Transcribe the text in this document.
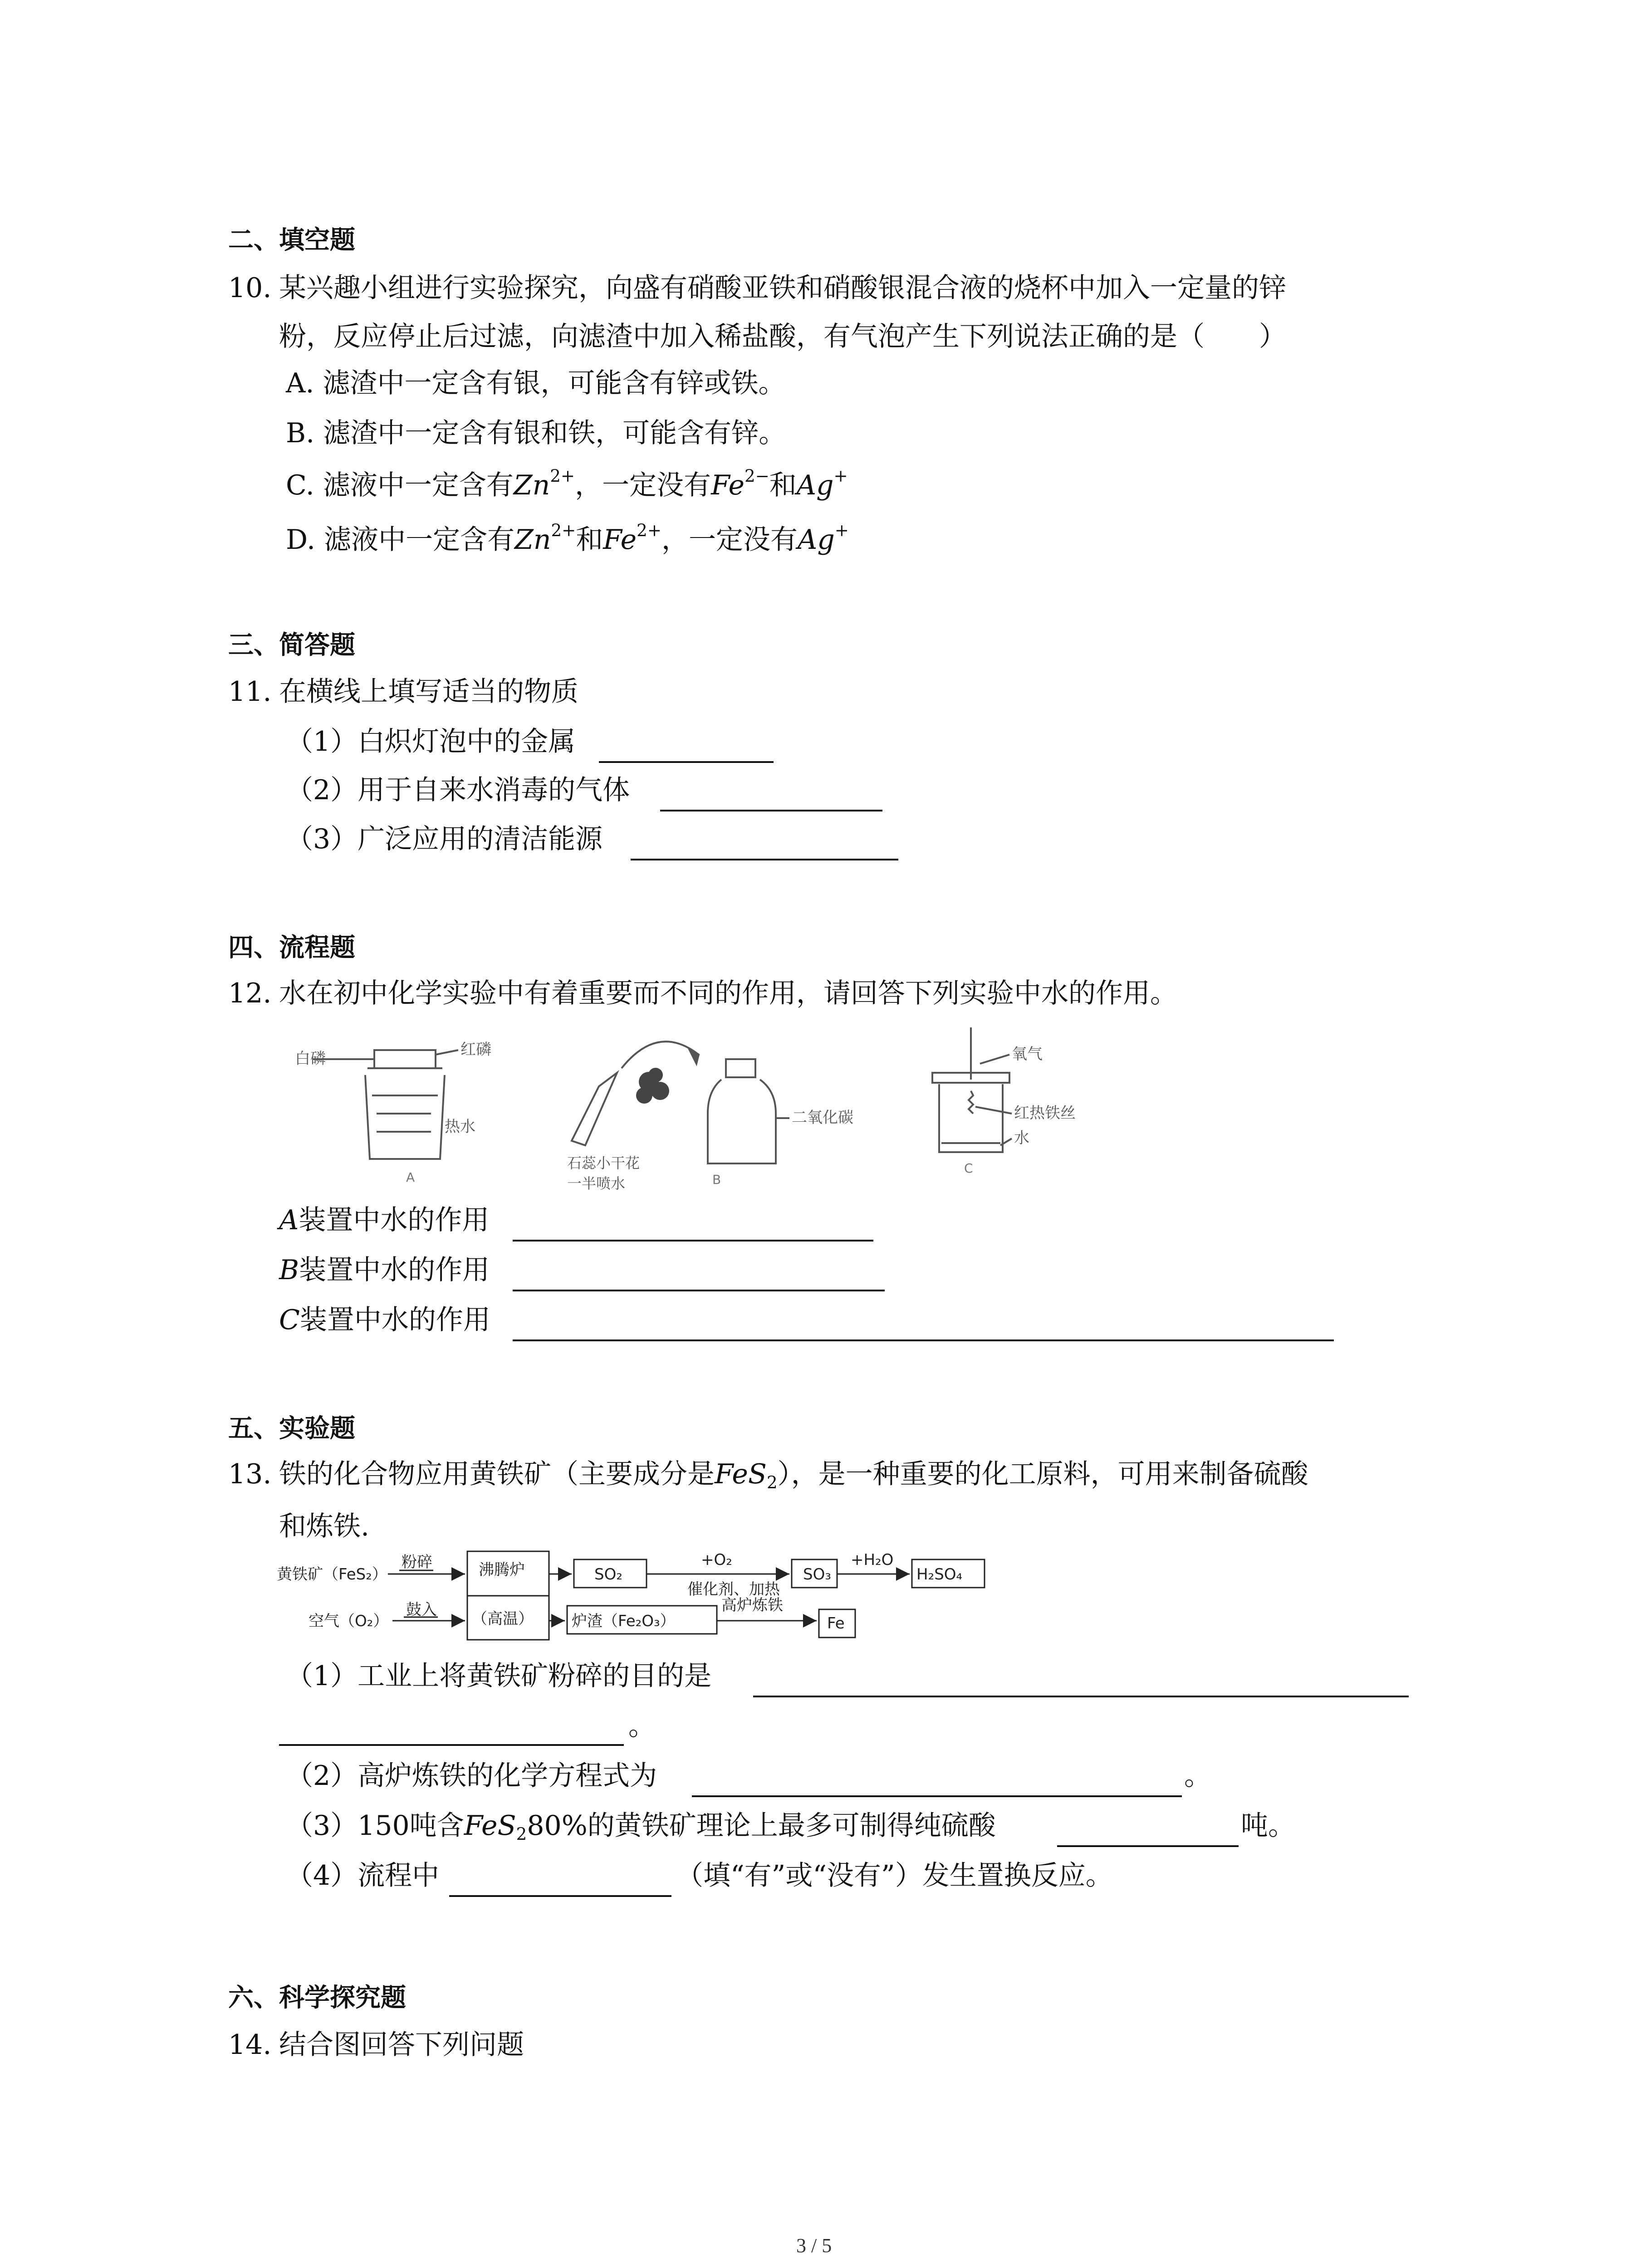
二、填空题
10. 某兴趣小组进行实验探究，向盛有硝酸亚铁和硝酸银混合液的烧杯中加入一定量的锌
粉，反应停止后过滤，向滤渣中加入稀盐酸，有气泡产生下列说法正确的是（　　）
A. 滤渣中一定含有银，可能含有锌或铁。
B. 滤渣中一定含有银和铁，可能含有锌。
C. 滤液中一定含有$Zn^{2+}$，一定没有$Fe^{2-}$和Ag+
D. 滤液中一定含有$Zn^{2+}$和$Fe^{2+}$，一定没有Ag+
三、简答题
11. 在横线上填写适当的物质
（1）白炽灯泡中的金属
（2）用于自来水消毒的气体
（3）广泛应用的清洁能源
四、流程题
12. 水在初中化学实验中有着重要而不同的作用，请回答下列实验中水的作用。
白磷	红磷
热水
A
二氧化碳
石蕊小干花
一半喷水	B
氧气
红热铁丝
水
C
A装置中水的作用
B装置中水的作用
C装置中水的作用
五、实验题
13. 铁的化合物应用黄铁矿（主要成分是FeS$_2$），是一种重要的化工原料，可用来制备硫酸
和炼铁.
黄铁矿（FeS₂）
粉碎
空气（O₂）
鼓入
沸腾炉
（高温）
SO₂
+O₂
催化剂、加热
SO₃
+H₂O
H₂SO₄
炉渣（Fe₂O₃）
高炉炼铁
Fe
（1）工业上将黄铁矿粉碎的目的是
。
（2）高炉炼铁的化学方程式为	。
（3）150吨含FeS$_2$80%的黄铁矿理论上最多可制得纯硫酸	吨。
（4）流程中	（填“有”或“没有”）发生置换反应。
六、科学探究题
14. 结合图回答下列问题
3 / 5
